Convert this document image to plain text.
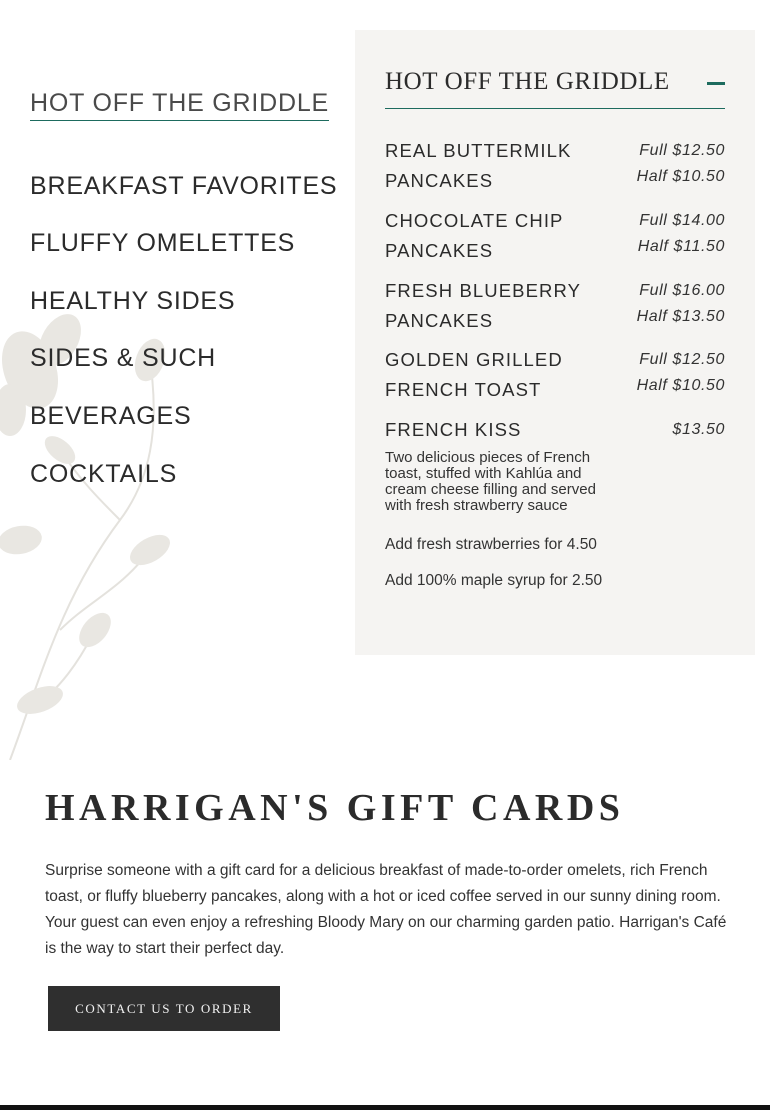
HOT OFF THE GRIDDLE
BREAKFAST FAVORITES
FLUFFY OMELETTES
HEALTHY SIDES
SIDES & SUCH
BEVERAGES
COCKTAILS
HOT OFF THE GRIDDLE
REAL BUTTERMILK
PANCAKES
Full $12.50
Half $10.50
CHOCOLATE CHIP
PANCAKES
Full $14.00
Half $11.50
FRESH BLUEBERRY
PANCAKES
Full $16.00
Half $13.50
GOLDEN GRILLED
FRENCH TOAST
Full $12.50
Half $10.50
FRENCH KISS	$13.50
Two delicious pieces of French toast, stuffed with Kahlúa and cream cheese filling and served with fresh strawberry sauce
Add fresh strawberries for 4.50
Add 100% maple syrup for 2.50
HARRIGAN'S GIFT CARDS

Surprise someone with a gift card for a delicious breakfast of made-to-order omelets, rich French toast, or fluffy blueberry pancakes, along with a hot or iced coffee served in our sunny dining room. Your guest can even enjoy a refreshing Bloody Mary on our charming garden patio. Harrigan's Café is the way to start their perfect day.

CONTACT US TO ORDER
